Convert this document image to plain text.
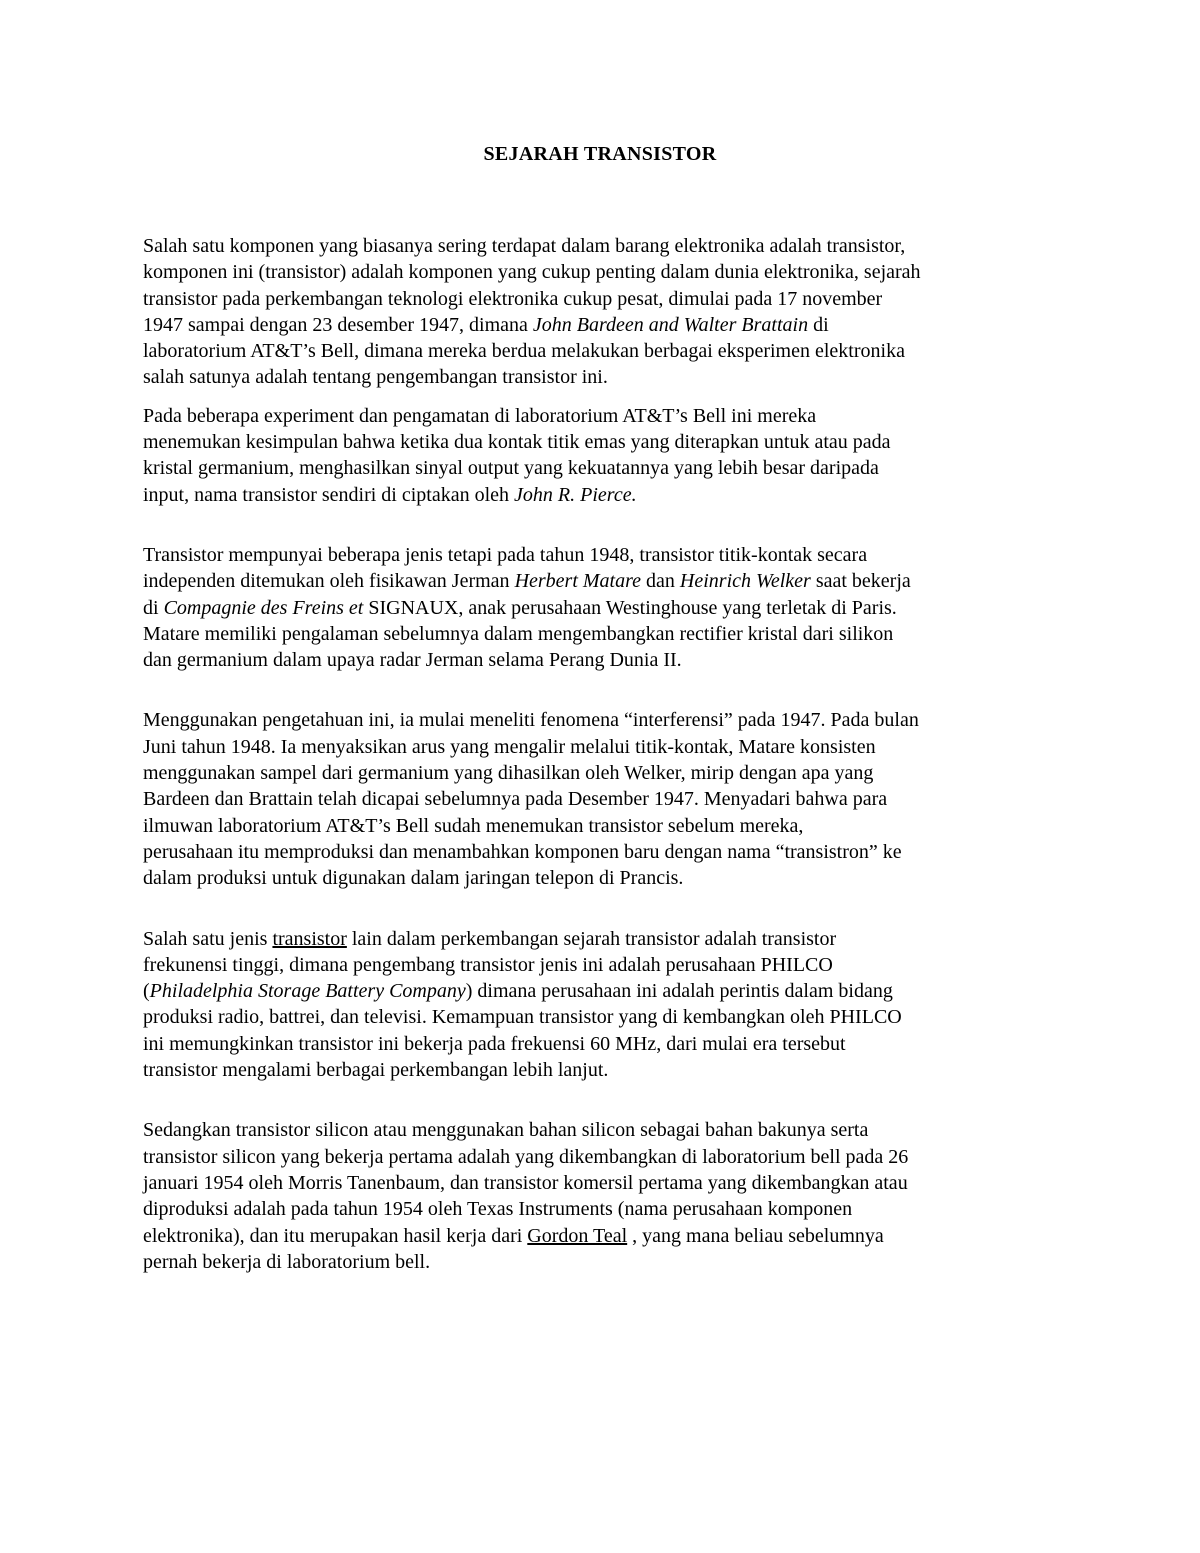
SEJARAH TRANSISTOR

Salah satu komponen yang biasanya sering terdapat dalam barang elektronika adalah transistor,
komponen ini (transistor) adalah komponen yang cukup penting dalam dunia elektronika, sejarah
transistor pada perkembangan teknologi elektronika cukup pesat, dimulai pada 17 november
1947 sampai dengan 23 desember 1947, dimana John Bardeen and Walter Brattain di
laboratorium AT&T’s Bell, dimana mereka berdua melakukan berbagai eksperimen elektronika
salah satunya adalah tentang pengembangan transistor ini.

Pada beberapa experiment dan pengamatan di laboratorium AT&T’s Bell ini mereka
menemukan kesimpulan bahwa ketika dua kontak titik emas yang diterapkan untuk atau pada
kristal germanium, menghasilkan sinyal output yang kekuatannya yang lebih besar daripada
input, nama transistor sendiri di ciptakan oleh John R. Pierce.

Transistor mempunyai beberapa jenis tetapi pada tahun 1948, transistor titik-kontak secara
independen ditemukan oleh fisikawan Jerman Herbert Matare dan Heinrich Welker saat bekerja
di Compagnie des Freins et SIGNAUX, anak perusahaan Westinghouse yang terletak di Paris.
Matare memiliki pengalaman sebelumnya dalam mengembangkan rectifier kristal dari silikon
dan germanium dalam upaya radar Jerman selama Perang Dunia II.

Menggunakan pengetahuan ini, ia mulai meneliti fenomena “interferensi” pada 1947. Pada bulan
Juni tahun 1948. Ia menyaksikan arus yang mengalir melalui titik-kontak, Matare konsisten
menggunakan sampel dari germanium yang dihasilkan oleh Welker, mirip dengan apa yang
Bardeen dan Brattain telah dicapai sebelumnya pada Desember 1947. Menyadari bahwa para
ilmuwan laboratorium AT&T’s Bell sudah menemukan transistor sebelum mereka,
perusahaan itu memproduksi dan menambahkan komponen baru dengan nama “transistron” ke
dalam produksi untuk digunakan dalam jaringan telepon di Prancis.

Salah satu jenis transistor lain dalam perkembangan sejarah transistor adalah transistor
frekunensi tinggi, dimana pengembang transistor jenis ini adalah perusahaan PHILCO
(Philadelphia Storage Battery Company) dimana perusahaan ini adalah perintis dalam bidang
produksi radio, battrei, dan televisi. Kemampuan transistor yang di kembangkan oleh PHILCO
ini memungkinkan transistor ini bekerja pada frekuensi 60 MHz, dari mulai era tersebut
transistor mengalami berbagai perkembangan lebih lanjut.

Sedangkan transistor silicon atau menggunakan bahan silicon sebagai bahan bakunya serta
transistor silicon yang bekerja pertama adalah yang dikembangkan di laboratorium bell pada 26
januari 1954 oleh Morris Tanenbaum, dan transistor komersil pertama yang dikembangkan atau
diproduksi adalah pada tahun 1954 oleh Texas Instruments (nama perusahaan komponen
elektronika), dan itu merupakan hasil kerja dari Gordon Teal , yang mana beliau sebelumnya
pernah bekerja di laboratorium bell.
